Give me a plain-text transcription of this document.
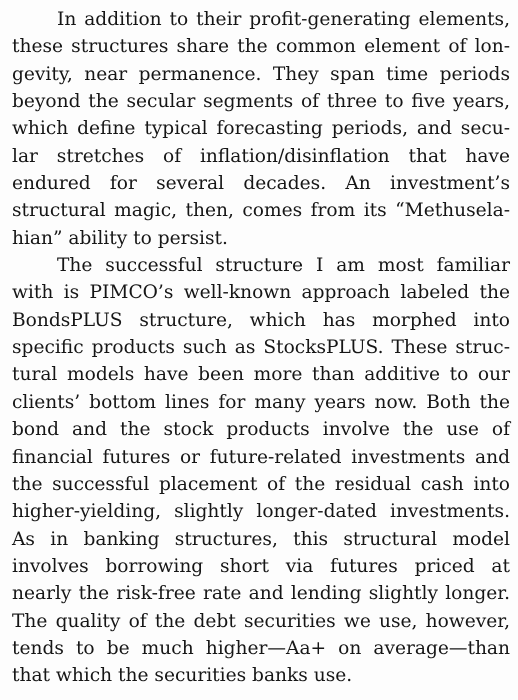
In addition to their profit-generating elements,
these structures share the common element of lon-
gevity, near permanence. They span time periods
beyond the secular segments of three to five years,
which define typical forecasting periods, and secu-
lar stretches of inflation/disinflation that have
endured for several decades. An investment’s
structural magic, then, comes from its “Methusela-
hian” ability to persist.
The successful structure I am most familiar
with is PIMCO’s well-known approach labeled the
BondsPLUS structure, which has morphed into
specific products such as StocksPLUS. These struc-
tural models have been more than additive to our
clients’ bottom lines for many years now. Both the
bond and the stock products involve the use of
financial futures or future-related investments and
the successful placement of the residual cash into
higher-yielding, slightly longer-dated investments.
As in banking structures, this structural model
involves borrowing short via futures priced at
nearly the risk-free rate and lending slightly longer.
The quality of the debt securities we use, however,
tends to be much higher—Aa+ on average—than
that which the securities banks use.
